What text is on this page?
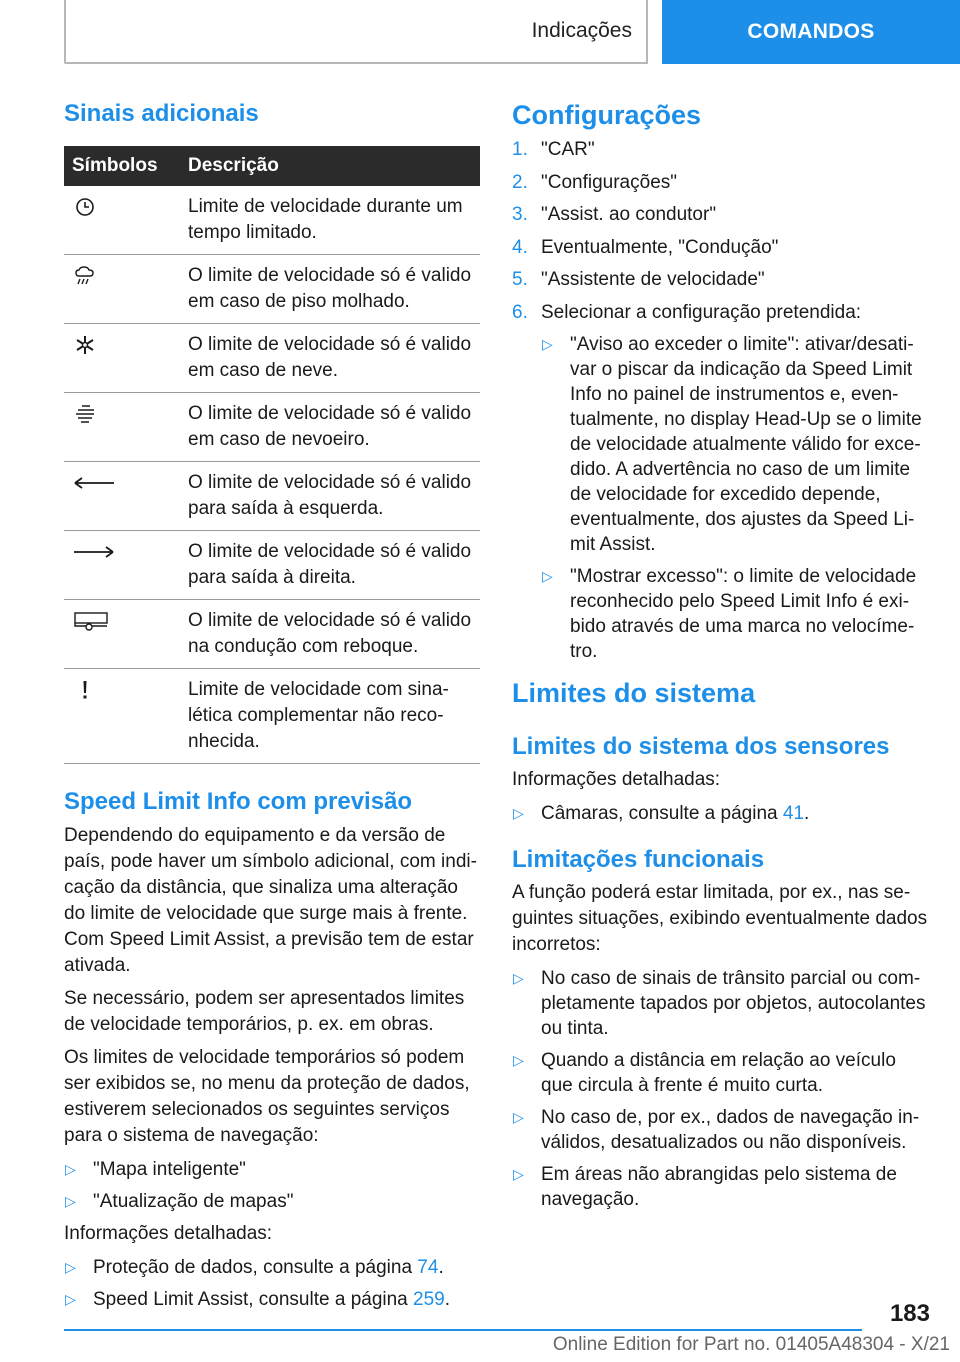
Indicações	COMANDOS
Sinais adicionais
Símbolos	Descrição
	Limite de velocidade durante um tempo limitado.
	O limite de velocidade só é valido em caso de piso molhado.
	O limite de velocidade só é valido em caso de neve.
	O limite de velocidade só é valido em caso de nevoeiro.
	O limite de velocidade só é valido para saída à esquerda.
	O limite de velocidade só é valido para saída à direita.
	O limite de velocidade só é valido na condução com reboque.
	Limite de velocidade com sinalética complementar não reconhecida.
Speed Limit Info com previsão

Dependendo do equipamento e da versão de país, pode haver um símbolo adicional, com indicação da distância, que sinaliza uma alteração do limite de velocidade que surge mais à frente. Com Speed Limit Assist, a previsão tem de estar ativada.

Se necessário, podem ser apresentados limites de velocidade temporários, p. ex. em obras.

Os limites de velocidade temporários só podem ser exibidos se, no menu da proteção de dados, estiverem selecionados os seguintes serviços para o sistema de navegação:

▷ "Mapa inteligente"
▷ "Atualização de mapas"

Informações detalhadas:

▷ Proteção de dados, consulte a página 74.
▷ Speed Limit Assist, consulte a página 259.
Configurações
1. "CAR"
2. "Configurações"
3. "Assist. ao condutor"
4. Eventualmente, "Condução"
5. "Assistente de velocidade"
6. Selecionar a configuração pretendida:
▷ "Aviso ao exceder o limite": ativar/desativar o piscar da indicação da Speed Limit Info no painel de instrumentos e, eventualmente, no display Head-Up se o limite de velocidade atualmente válido for excedido. A advertência no caso de um limite de velocidade for excedido depende, eventualmente, dos ajustes da Speed Limit Assist.
▷ "Mostrar excesso": o limite de velocidade reconhecido pelo Speed Limit Info é exibido através de uma marca no velocímetro.
Limites do sistema
Limites do sistema dos sensores

Informações detalhadas:

▷ Câmaras, consulte a página 41.
Limitações funcionais

A função poderá estar limitada, por ex., nas seguintes situações, exibindo eventualmente dados incorretos:

▷ No caso de sinais de trânsito parcial ou completamente tapados por objetos, autocolantes ou tinta.
▷ Quando a distância em relação ao veículo que circula à frente é muito curta.
▷ No caso de, por ex., dados de navegação inválidos, desatualizados ou não disponíveis.
▷ Em áreas não abrangidas pelo sistema de navegação.
183
Online Edition for Part no. 01405A48304 - X/21
